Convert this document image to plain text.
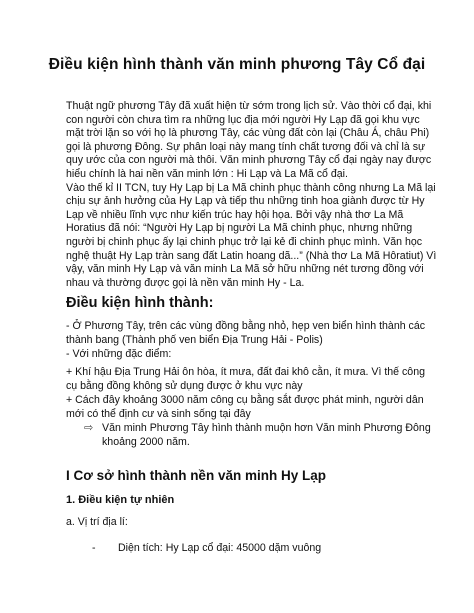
Điều kiện hình thành văn minh phương Tây Cổ đại
Thuật ngữ phương Tây đã xuất hiện từ sớm trong lịch sử. Vào thời cổ đại, khi con người còn chưa tìm ra những lục địa mới người Hy Lạp đã gọi khu vực mặt trời lặn so với họ là phương Tây, các vùng đất còn lại (Châu Á, châu Phi) gọi là phương Đông. Sự phân loại này mang tính chất tương đối và chỉ là sự quy ước của con người mà thôi. Văn minh phương Tây cổ đại ngày nay được hiểu chính là hai nền văn minh lớn : Hi Lạp và La Mã cổ đại.
Vào thế kỉ II TCN, tuy Hy Lạp bị La Mã chinh phục thành công nhưng La Mã lại chịu sự ảnh hưởng của Hy Lạp và tiếp thu những tinh hoa giành được từ Hy Lạp về nhiều lĩnh vực như kiến trúc hay hội họa. Bởi vậy nhà thơ La Mã Horatius đã nói: “Người Hy Lạp bị người La Mã chinh phục, nhưng những người bị chinh phục ấy lại chinh phục trở lại kẻ đi chinh phục mình. Văn học nghệ thuật Hy Lạp tràn sang đất Latin hoang dã...” (Nhà thơ La Mã Hôratiut) Vì vậy, văn minh Hy Lạp và văn minh La Mã sở hữu những nét tương đồng với nhau và thường được gọi là nền văn minh Hy - La.
Điều kiện hình thành:
- Ở Phương Tây, trên các vùng đồng bằng nhỏ, hẹp ven biển hình thành các thành bang (Thành phố ven biển Địa Trung Hải - Polis)
- Với những đặc điểm:
+ Khí hậu Địa Trung Hải ôn hòa, ít mưa, đất đai khô cằn, ít mưa. Vì thế công cụ bằng đồng không sử dụng được ở khu vực này
+ Cách đây khoảng 3000 năm công cụ bằng sắt được phát minh, người dân mới có thể định cư và sinh sống tại đây
⇨ Văn minh Phương Tây hình thành muộn hơn Văn minh Phương Đông khoảng 2000 năm.
I Cơ sở hình thành nền văn minh Hy Lạp
1. Điều kiện tự nhiên
a. Vị trí địa lí:
-	Diện tích: Hy Lạp cổ đại: 45000 dặm vuông
